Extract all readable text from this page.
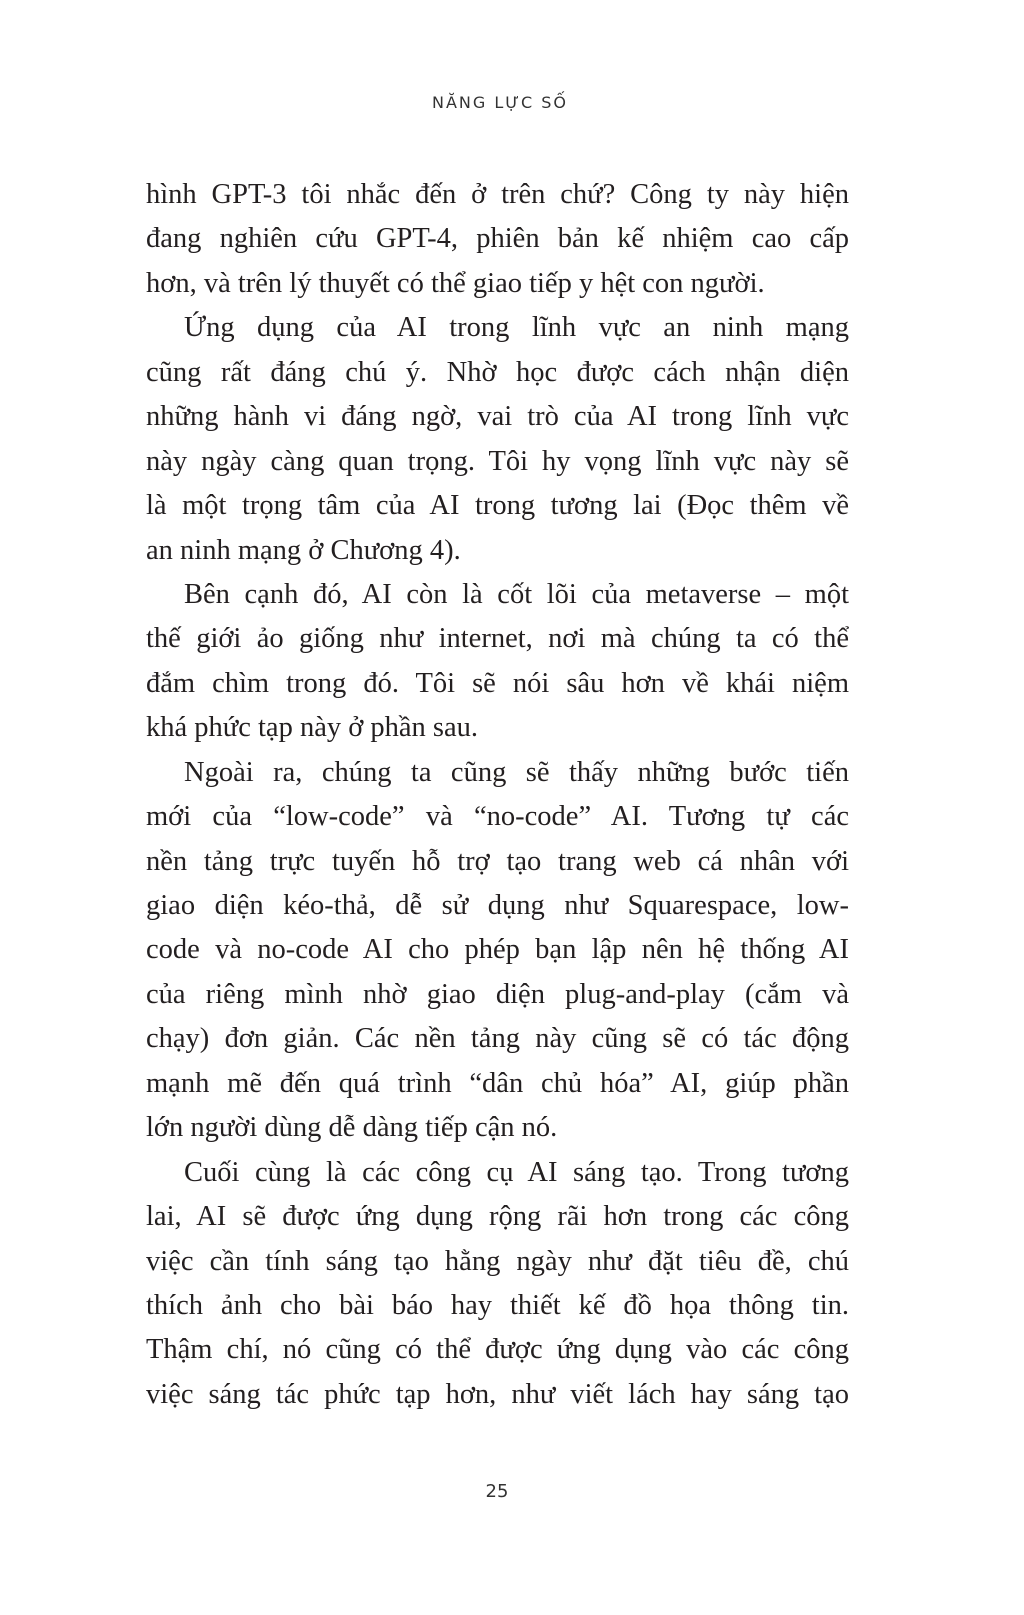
NĂNG LỰC SỐ
hình GPT-3 tôi nhắc đến ở trên chứ? Công ty này hiện
đang nghiên cứu GPT-4, phiên bản kế nhiệm cao cấp
hơn, và trên lý thuyết có thể giao tiếp y hệt con người.
Ứng dụng của AI trong lĩnh vực an ninh mạng
cũng rất đáng chú ý. Nhờ học được cách nhận diện
những hành vi đáng ngờ, vai trò của AI trong lĩnh vực
này ngày càng quan trọng. Tôi hy vọng lĩnh vực này sẽ
là một trọng tâm của AI trong tương lai (Đọc thêm về
an ninh mạng ở Chương 4).
Bên cạnh đó, AI còn là cốt lõi của metaverse – một
thế giới ảo giống như internet, nơi mà chúng ta có thể
đắm chìm trong đó. Tôi sẽ nói sâu hơn về khái niệm
khá phức tạp này ở phần sau.
Ngoài ra, chúng ta cũng sẽ thấy những bước tiến
mới của “low-code” và “no-code” AI. Tương tự các
nền tảng trực tuyến hỗ trợ tạo trang web cá nhân với
giao diện kéo-thả, dễ sử dụng như Squarespace, low-
code và no-code AI cho phép bạn lập nên hệ thống AI
của riêng mình nhờ giao diện plug-and-play (cắm và
chạy) đơn giản. Các nền tảng này cũng sẽ có tác động
mạnh mẽ đến quá trình “dân chủ hóa” AI, giúp phần
lớn người dùng dễ dàng tiếp cận nó.
Cuối cùng là các công cụ AI sáng tạo. Trong tương
lai, AI sẽ được ứng dụng rộng rãi hơn trong các công
việc cần tính sáng tạo hằng ngày như đặt tiêu đề, chú
thích ảnh cho bài báo hay thiết kế đồ họa thông tin.
Thậm chí, nó cũng có thể được ứng dụng vào các công
việc sáng tác phức tạp hơn, như viết lách hay sáng tạo
25
